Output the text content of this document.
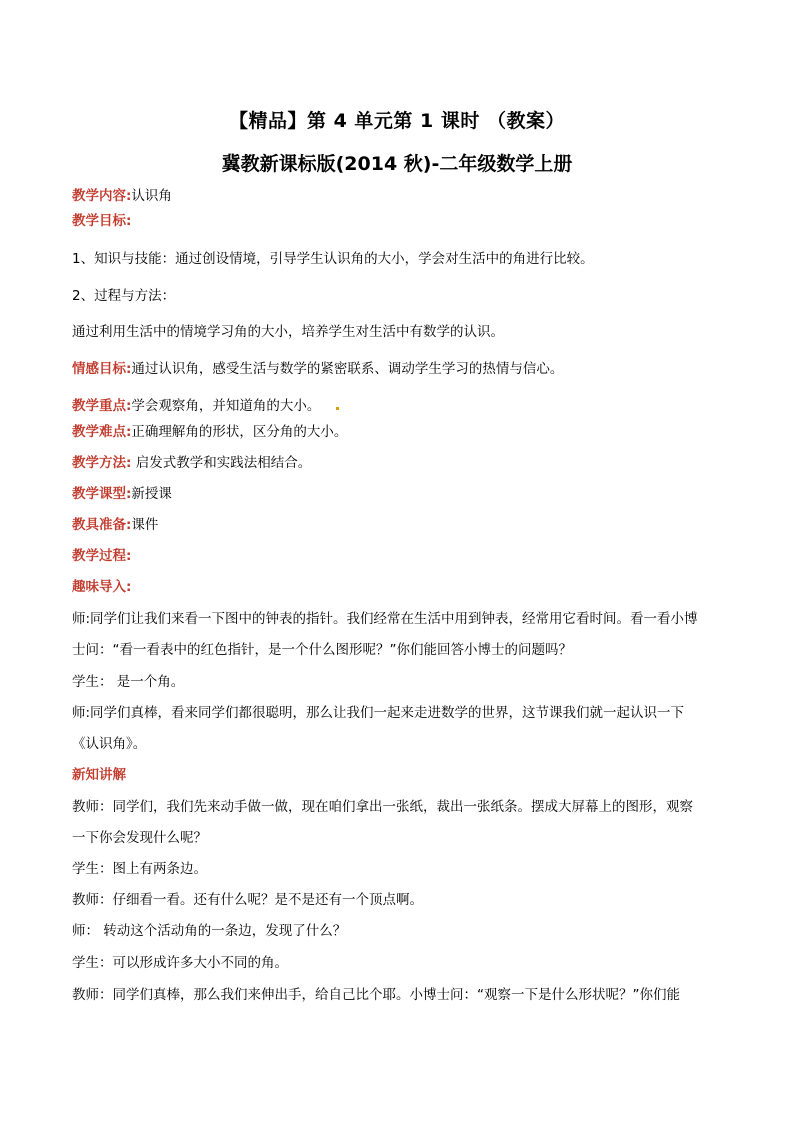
【精品】第 4 单元第 1 课时 （教案）
冀教新课标版(2014 秋)-二年级数学上册
教学内容:认识角
教学目标:
1、知识与技能：通过创设情境，引导学生认识角的大小，学会对生活中的角进行比较。
2、过程与方法：
通过利用生活中的情境学习角的大小，培养学生对生活中有数学的认识。
情感目标:通过认识角，感受生活与数学的紧密联系、调动学生学习的热情与信心。
教学重点:学会观察角，并知道角的大小。
教学难点:正确理解角的形状，区分角的大小。
教学方法: 启发式教学和实践法相结合。
教学课型:新授课
教具准备:课件
教学过程:
趣味导入:
师:同学们让我们来看一下图中的钟表的指针。我们经常在生活中用到钟表，经常用它看时间。看一看小博
士问：“看一看表中的红色指针，是一个什么图形呢？”你们能回答小博士的问题吗？
学生： 是一个角。
师:同学们真棒，看来同学们都很聪明，那么让我们一起来走进数学的世界，这节课我们就一起认识一下
《认识角》。
新知讲解
教师：同学们，我们先来动手做一做，现在咱们拿出一张纸，裁出一张纸条。摆成大屏幕上的图形，观察
一下你会发现什么呢？
学生：图上有两条边。
教师：仔细看一看。还有什么呢？是不是还有一个顶点啊。
师： 转动这个活动角的一条边，发现了什么？
学生：可以形成许多大小不同的角。
教师：同学们真棒，那么我们来伸出手，给自己比个耶。小博士问：“观察一下是什么形状呢？”你们能
